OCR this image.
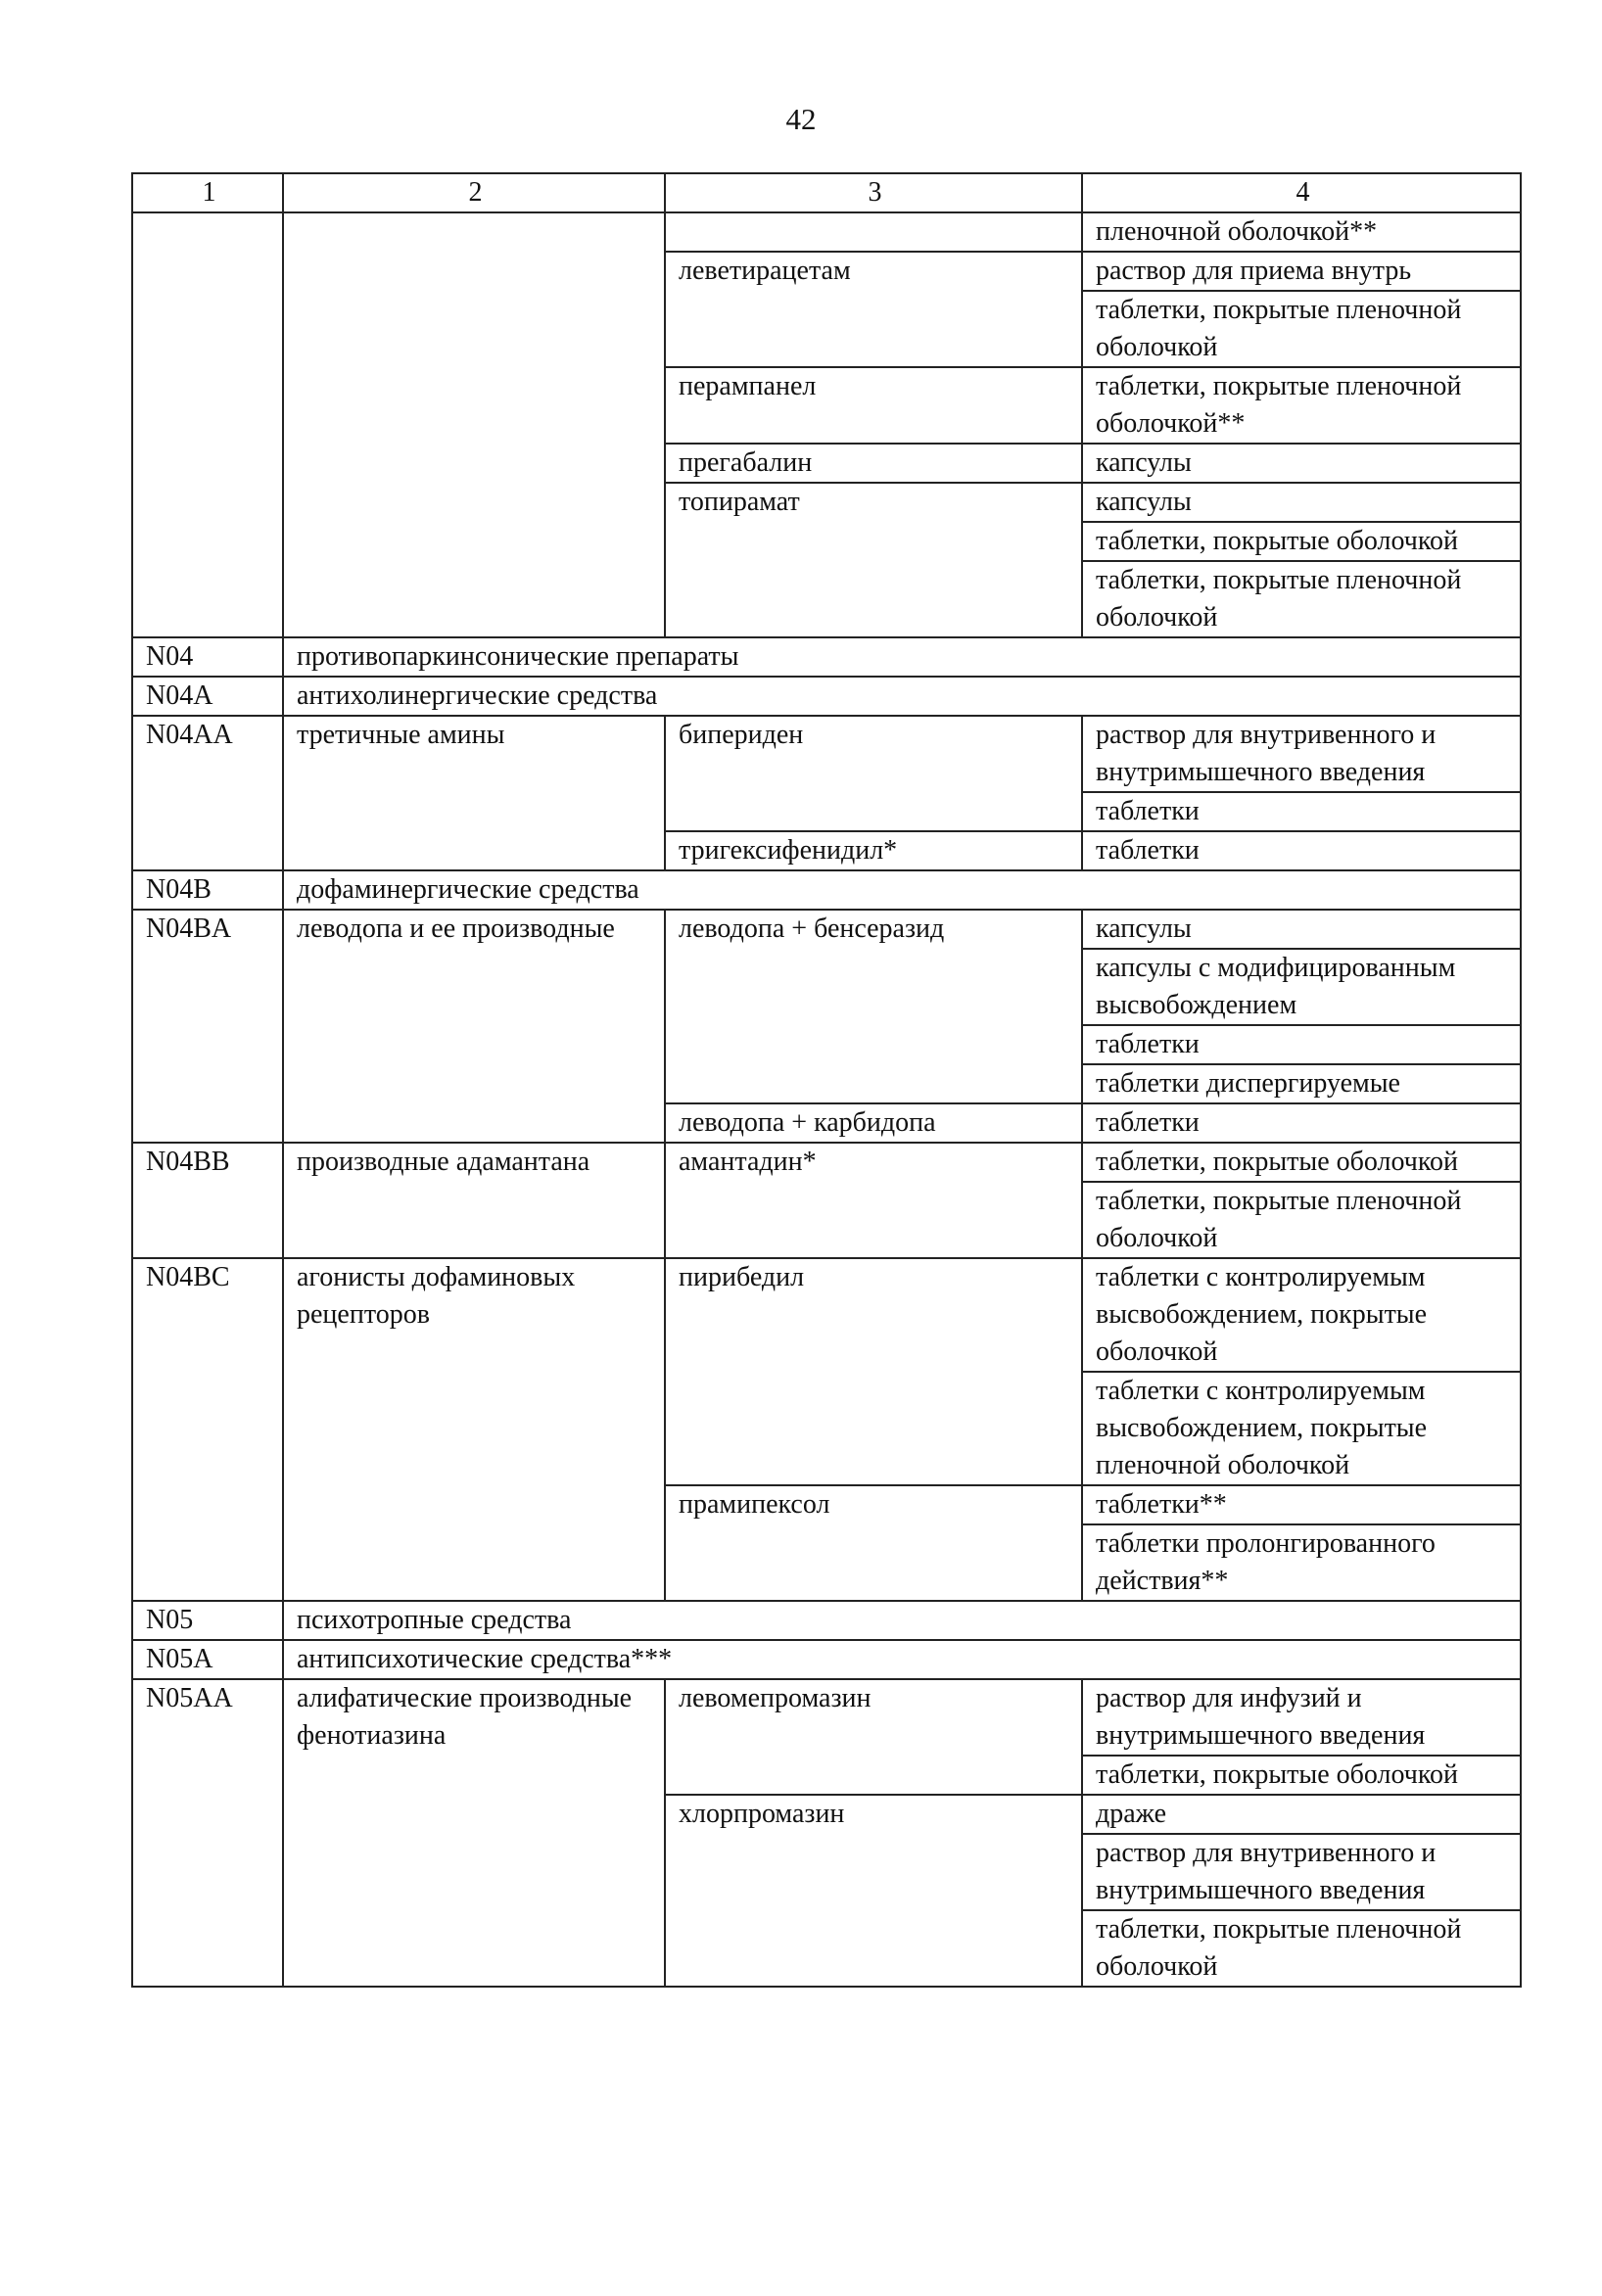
42
1	2	3	4
			пленочной оболочкой**
		леветирацетам	раствор для приема внутрь
			таблетки, покрытые пленочной оболочкой
		перампанел	таблетки, покрытые пленочной оболочкой**
		прегабалин	капсулы
		топирамат	капсулы
			таблетки, покрытые оболочкой
			таблетки, покрытые пленочной оболочкой
N04	противопаркинсонические препараты		
N04A	антихолинергические средства		
N04AA	третичные амины	бипериден	раствор для внутривенного и внутримышечного введения
			таблетки
		тригексифенидил*	таблетки
N04B	дофаминергические средства		
N04BA	леводопа и ее производные	леводопа + бенсеразид	капсулы
			капсулы с модифицированным высвобождением
			таблетки
			таблетки диспергируемые
		леводопа + карбидопа	таблетки
N04BB	производные адамантана	амантадин*	таблетки, покрытые оболочкой
			таблетки, покрытые пленочной оболочкой
N04BC	агонисты дофаминовых рецепторов	пирибедил	таблетки с контролируемым высвобождением, покрытые оболочкой
			таблетки с контролируемым высвобождением, покрытые пленочной оболочкой
		прамипексол	таблетки**
			таблетки пролонгированного действия**
N05	психотропные средства		
N05A	антипсихотические средства***		
N05AA	алифатические производные фенотиазина	левомепромазин	раствор для инфузий и внутримышечного введения
			таблетки, покрытые оболочкой
		хлорпромазин	драже
			раствор для внутривенного и внутримышечного введения
			таблетки, покрытые пленочной оболочкой
